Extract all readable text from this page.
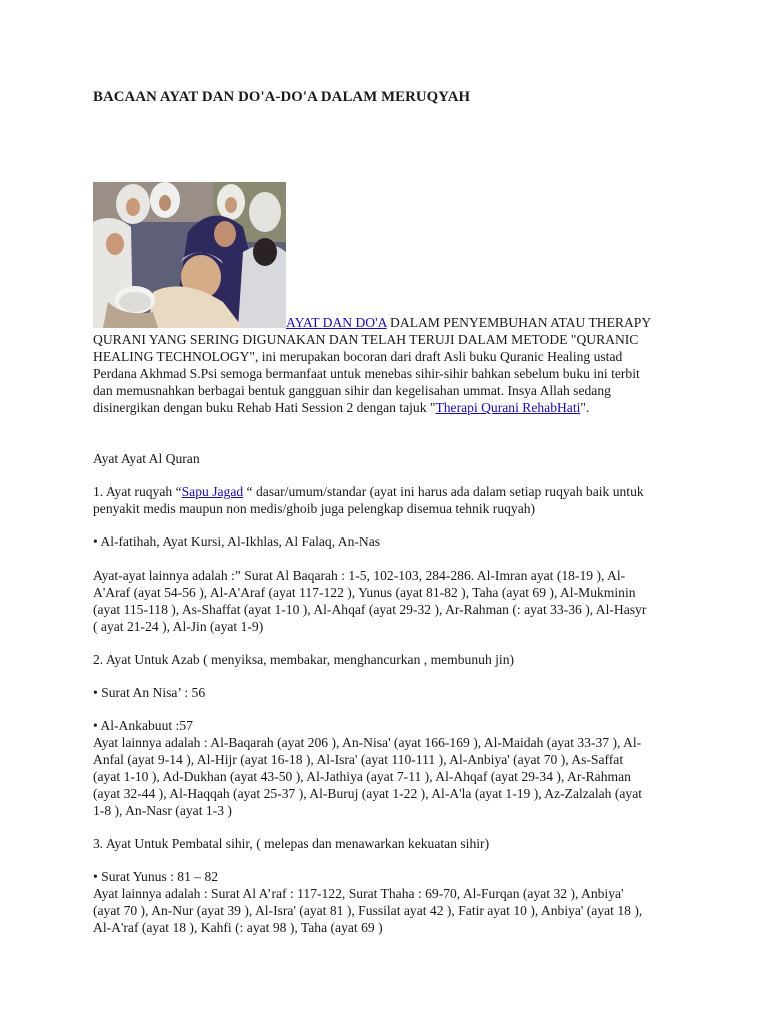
BACAAN AYAT DAN DO'A-DO'A DALAM MERUQYAH

AYAT DAN DO'A DALAM PENYEMBUHAN ATAU THERAPY QURANI YANG SERING DIGUNAKAN DAN TELAH TERUJI DALAM METODE "QURANIC HEALING TECHNOLOGY", ini merupakan bocoran dari draft Asli buku Quranic Healing ustad Perdana Akhmad S.Psi semoga bermanfaat untuk menebas sihir-sihir bahkan sebelum buku ini terbit dan memusnahkan berbagai bentuk gangguan sihir dan kegelisahan ummat. Insya Allah sedang disinergikan dengan buku Rehab Hati Session 2 dengan tajuk "Therapi Qurani RehabHati".

Ayat Ayat Al Quran

1. Ayat ruqyah “Sapu Jagad “ dasar/umum/standar (ayat ini harus ada dalam setiap ruqyah baik untuk penyakit medis maupun non medis/ghoib juga pelengkap disemua tehnik ruqyah)

• Al-fatihah, Ayat Kursi, Al-Ikhlas, Al Falaq, An-Nas

Ayat-ayat lainnya adalah :” Surat Al Baqarah : 1-5, 102-103, 284-286. Al-Imran ayat (18-19 ), Al-A'Araf (ayat 54-56 ), Al-A'Araf (ayat 117-122 ), Yunus (ayat 81-82 ), Taha (ayat 69 ), Al-Mukminin (ayat 115-118 ), As-Shaffat (ayat 1-10 ), Al-Ahqaf (ayat 29-32 ), Ar-Rahman (: ayat 33-36 ), Al-Hasyr ( ayat 21-24 ), Al-Jin (ayat 1-9)

2. Ayat Untuk Azab ( menyiksa, membakar, menghancurkan , membunuh jin)

• Surat An Nisa’ : 56

• Al-Ankabuut :57

Ayat lainnya adalah : Al-Baqarah (ayat 206 ), An-Nisa' (ayat 166-169 ), Al-Maidah (ayat 33-37 ), Al-Anfal (ayat 9-14 ), Al-Hijr (ayat 16-18 ), Al-Isra' (ayat 110-111 ), Al-Anbiya' (ayat 70 ), As-Saffat (ayat 1-10 ), Ad-Dukhan (ayat 43-50 ), Al-Jathiya (ayat 7-11 ), Al-Ahqaf (ayat 29-34 ), Ar-Rahman (ayat 32-44 ), Al-Haqqah (ayat 25-37 ), Al-Buruj (ayat 1-22 ), Al-A'la (ayat 1-19 ), Az-Zalzalah (ayat 1-8 ), An-Nasr (ayat 1-3 )

3. Ayat Untuk Pembatal sihir, ( melepas dan menawarkan kekuatan sihir)

• Surat Yunus : 81 – 82

Ayat lainnya adalah : Surat Al A’raf : 117-122, Surat Thaha : 69-70, Al-Furqan (ayat 32 ), Anbiya' (ayat 70 ), An-Nur (ayat 39 ), Al-Isra' (ayat 81 ), Fussilat ayat 42 ), Fatir ayat 10 ), Anbiya' (ayat 18 ), Al-A'raf (ayat 18 ), Kahfi (: ayat 98 ), Taha (ayat 69 )
